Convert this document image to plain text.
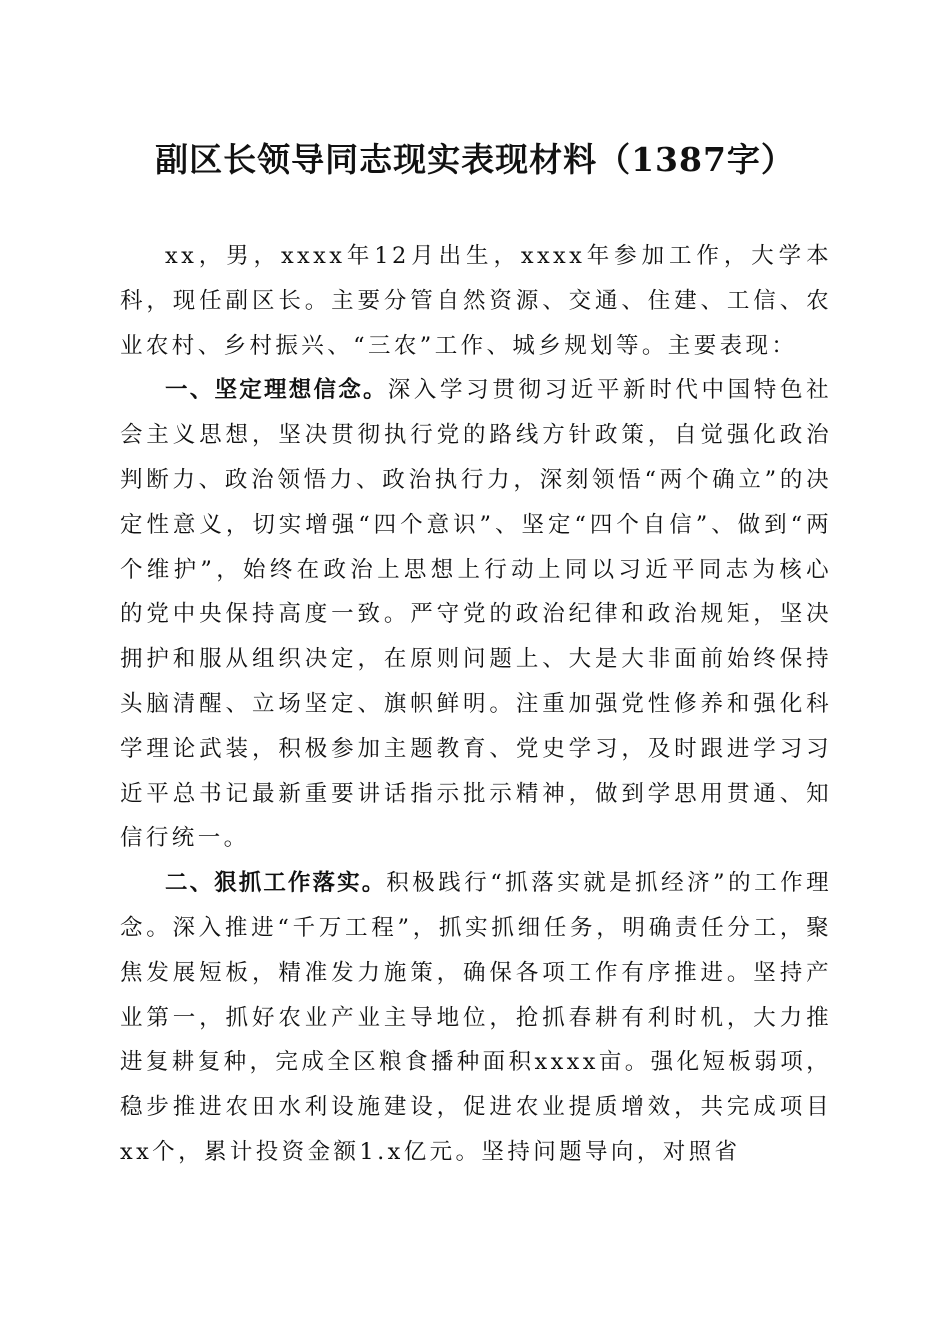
副区长领导同志现实表现材料（1387字）

xx，男，xxxx年12月出生，xxxx年参加工作，大学本科，现任副区长。主要分管自然资源、交通、住建、工信、农业农村、乡村振兴、“三农”工作、城乡规划等。主要表现：

一、坚定理想信念。深入学习贯彻习近平新时代中国特色社会主义思想，坚决贯彻执行党的路线方针政策，自觉强化政治判断力、政治领悟力、政治执行力，深刻领悟“两个确立”的决定性意义，切实增强“四个意识”、坚定“四个自信”、做到“两个维护”，始终在政治上思想上行动上同以习近平同志为核心的党中央保持高度一致。严守党的政治纪律和政治规矩，坚决拥护和服从组织决定，在原则问题上、大是大非面前始终保持头脑清醒、立场坚定、旗帜鲜明。注重加强党性修养和强化科学理论武装，积极参加主题教育、党史学习，及时跟进学习习近平总书记最新重要讲话指示批示精神，做到学思用贯通、知信行统一。

二、狠抓工作落实。积极践行“抓落实就是抓经济”的工作理念。深入推进“千万工程”，抓实抓细任务，明确责任分工，聚焦发展短板，精准发力施策，确保各项工作有序推进。坚持产业第一，抓好农业产业主导地位，抢抓春耕有利时机，大力推进复耕复种，完成全区粮食播种面积xxxx亩。强化短板弱项，稳步推进农田水利设施建设，促进农业提质增效，共完成项目xx个，累计投资金额1.x亿元。坚持问题导向，对照省
